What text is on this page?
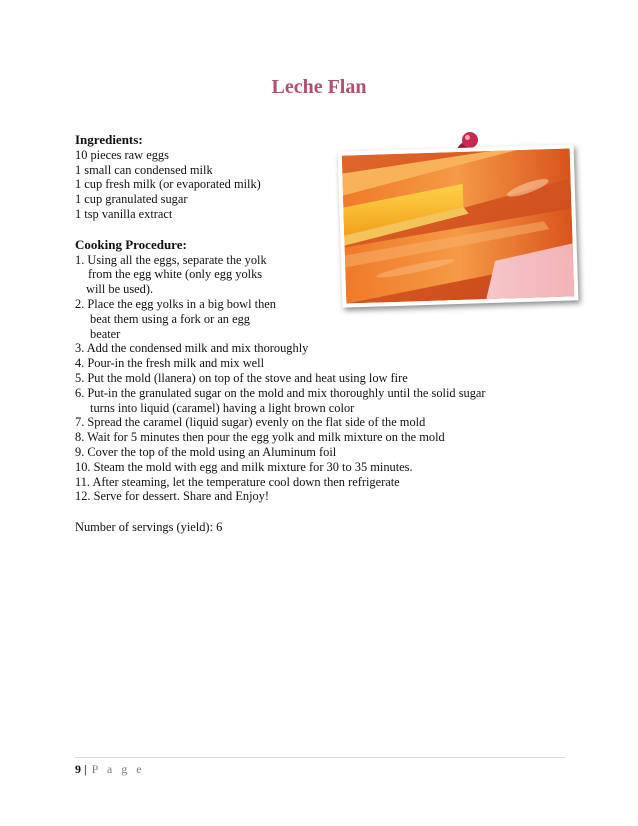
Leche Flan
Ingredients:
10 pieces raw eggs
1 small can condensed milk
1 cup fresh milk (or evaporated milk)
1 cup granulated sugar
1 tsp vanilla extract
Cooking Procedure:
1. Using all the eggs, separate the yolk
from the egg white (only egg yolks
will be used).
2. Place the egg yolks in a big bowl then
beat them using a fork or an egg
beater
3. Add the condensed milk and mix thoroughly
4. Pour-in the fresh milk and mix well
5. Put the mold (llanera) on top of the stove and heat using low fire
6. Put-in the granulated sugar on the mold and mix thoroughly until the solid sugar
turns into liquid (caramel) having a light brown color
7. Spread the caramel (liquid sugar) evenly on the flat side of the mold
8. Wait for 5 minutes then pour the egg yolk and milk mixture on the mold
9. Cover the top of the mold using an Aluminum foil
10. Steam the mold with egg and milk mixture for 30 to 35 minutes.
11. After steaming, let the temperature cool down then refrigerate
12. Serve for dessert. Share and Enjoy!
Number of servings (yield): 6
9 | P a g e
